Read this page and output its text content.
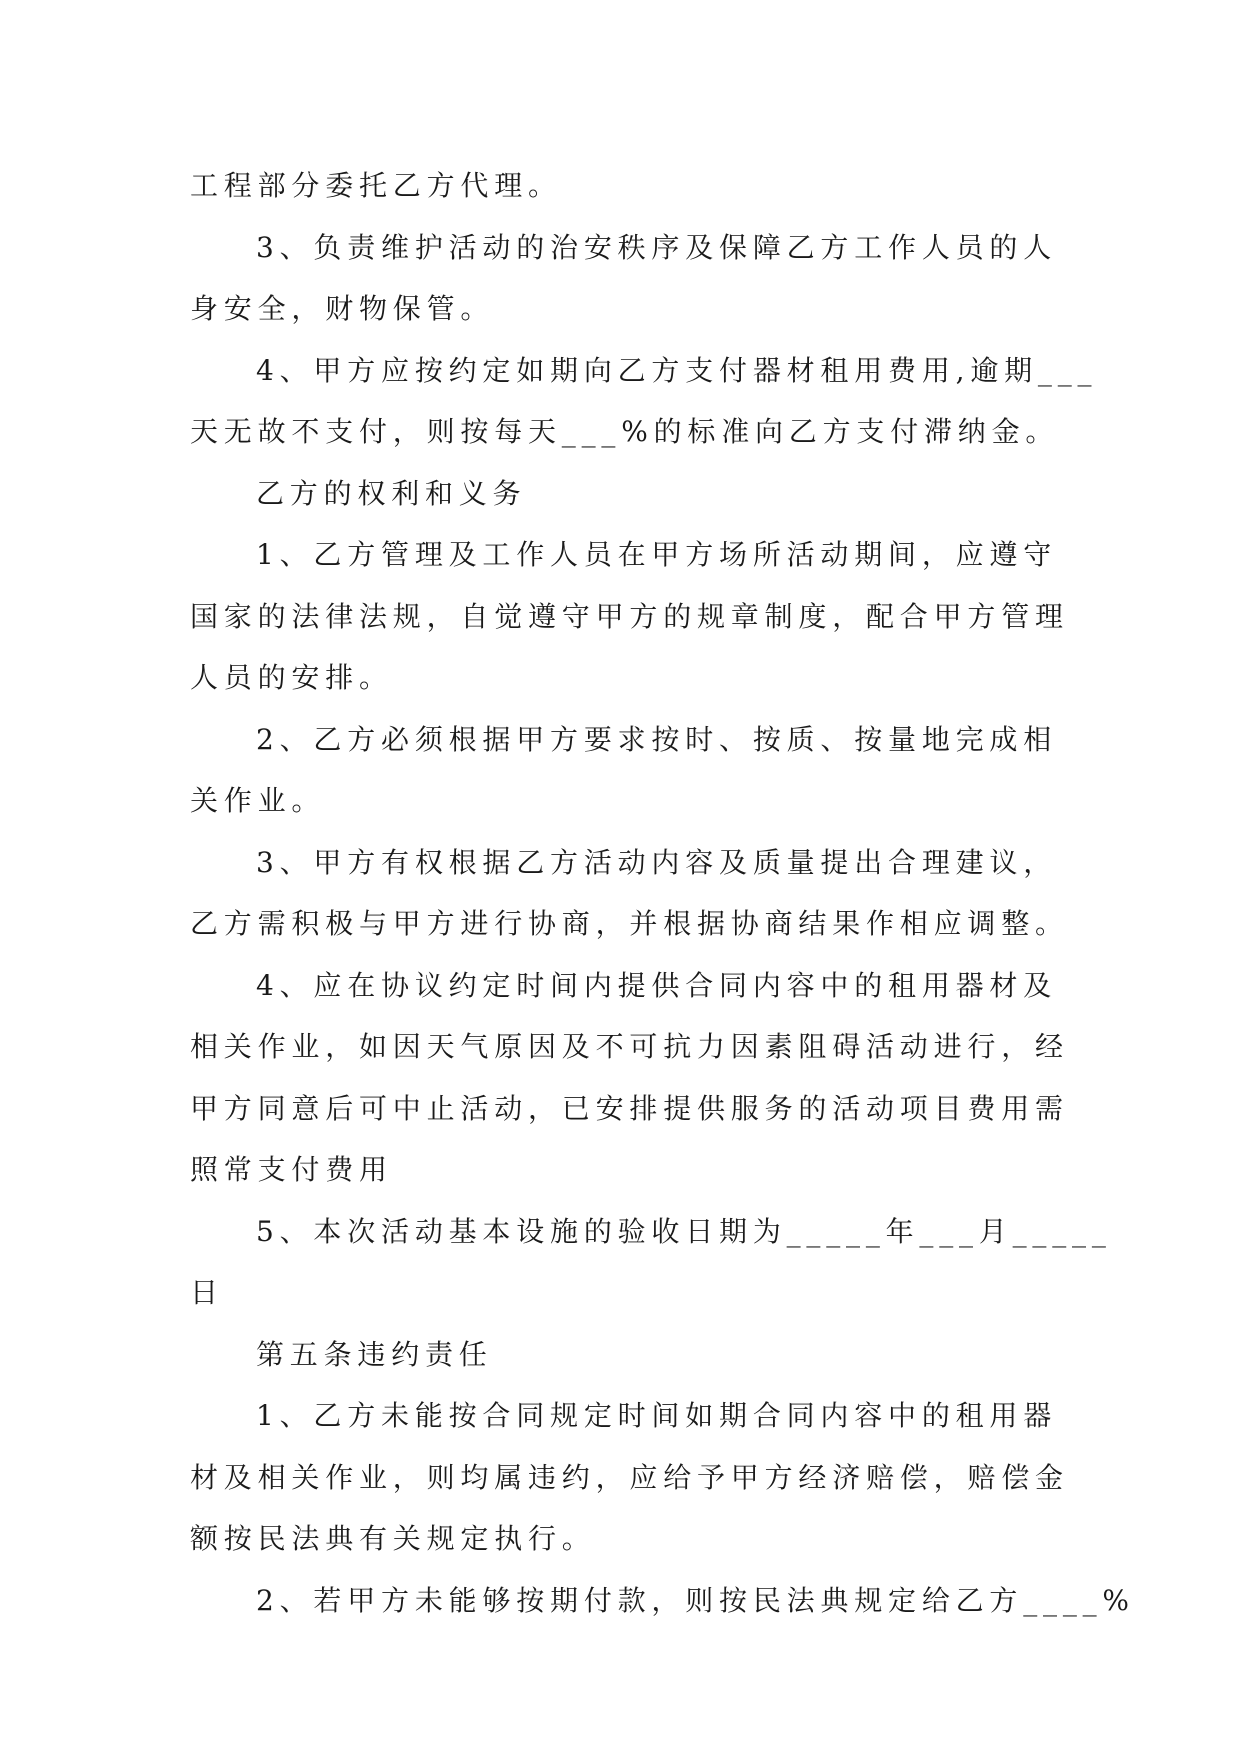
工程部分委托乙方代理。
3、负责维护活动的治安秩序及保障乙方工作人员的人
身安全，财物保管。
4、甲方应按约定如期向乙方支付器材租用费用,逾期___
天无故不支付，则按每天___%的标准向乙方支付滞纳金。
乙方的权利和义务
1、乙方管理及工作人员在甲方场所活动期间，应遵守
国家的法律法规，自觉遵守甲方的规章制度，配合甲方管理
人员的安排。
2、乙方必须根据甲方要求按时、按质、按量地完成相
关作业。
3、甲方有权根据乙方活动内容及质量提出合理建议，
乙方需积极与甲方进行协商，并根据协商结果作相应调整。
4、应在协议约定时间内提供合同内容中的租用器材及
相关作业，如因天气原因及不可抗力因素阻碍活动进行，经
甲方同意后可中止活动，已安排提供服务的活动项目费用需
照常支付费用
5、本次活动基本设施的验收日期为_____年___月_____
日
第五条违约责任
1、乙方未能按合同规定时间如期合同内容中的租用器
材及相关作业，则均属违约，应给予甲方经济赔偿，赔偿金
额按民法典有关规定执行。
2、若甲方未能够按期付款，则按民法典规定给乙方____%
